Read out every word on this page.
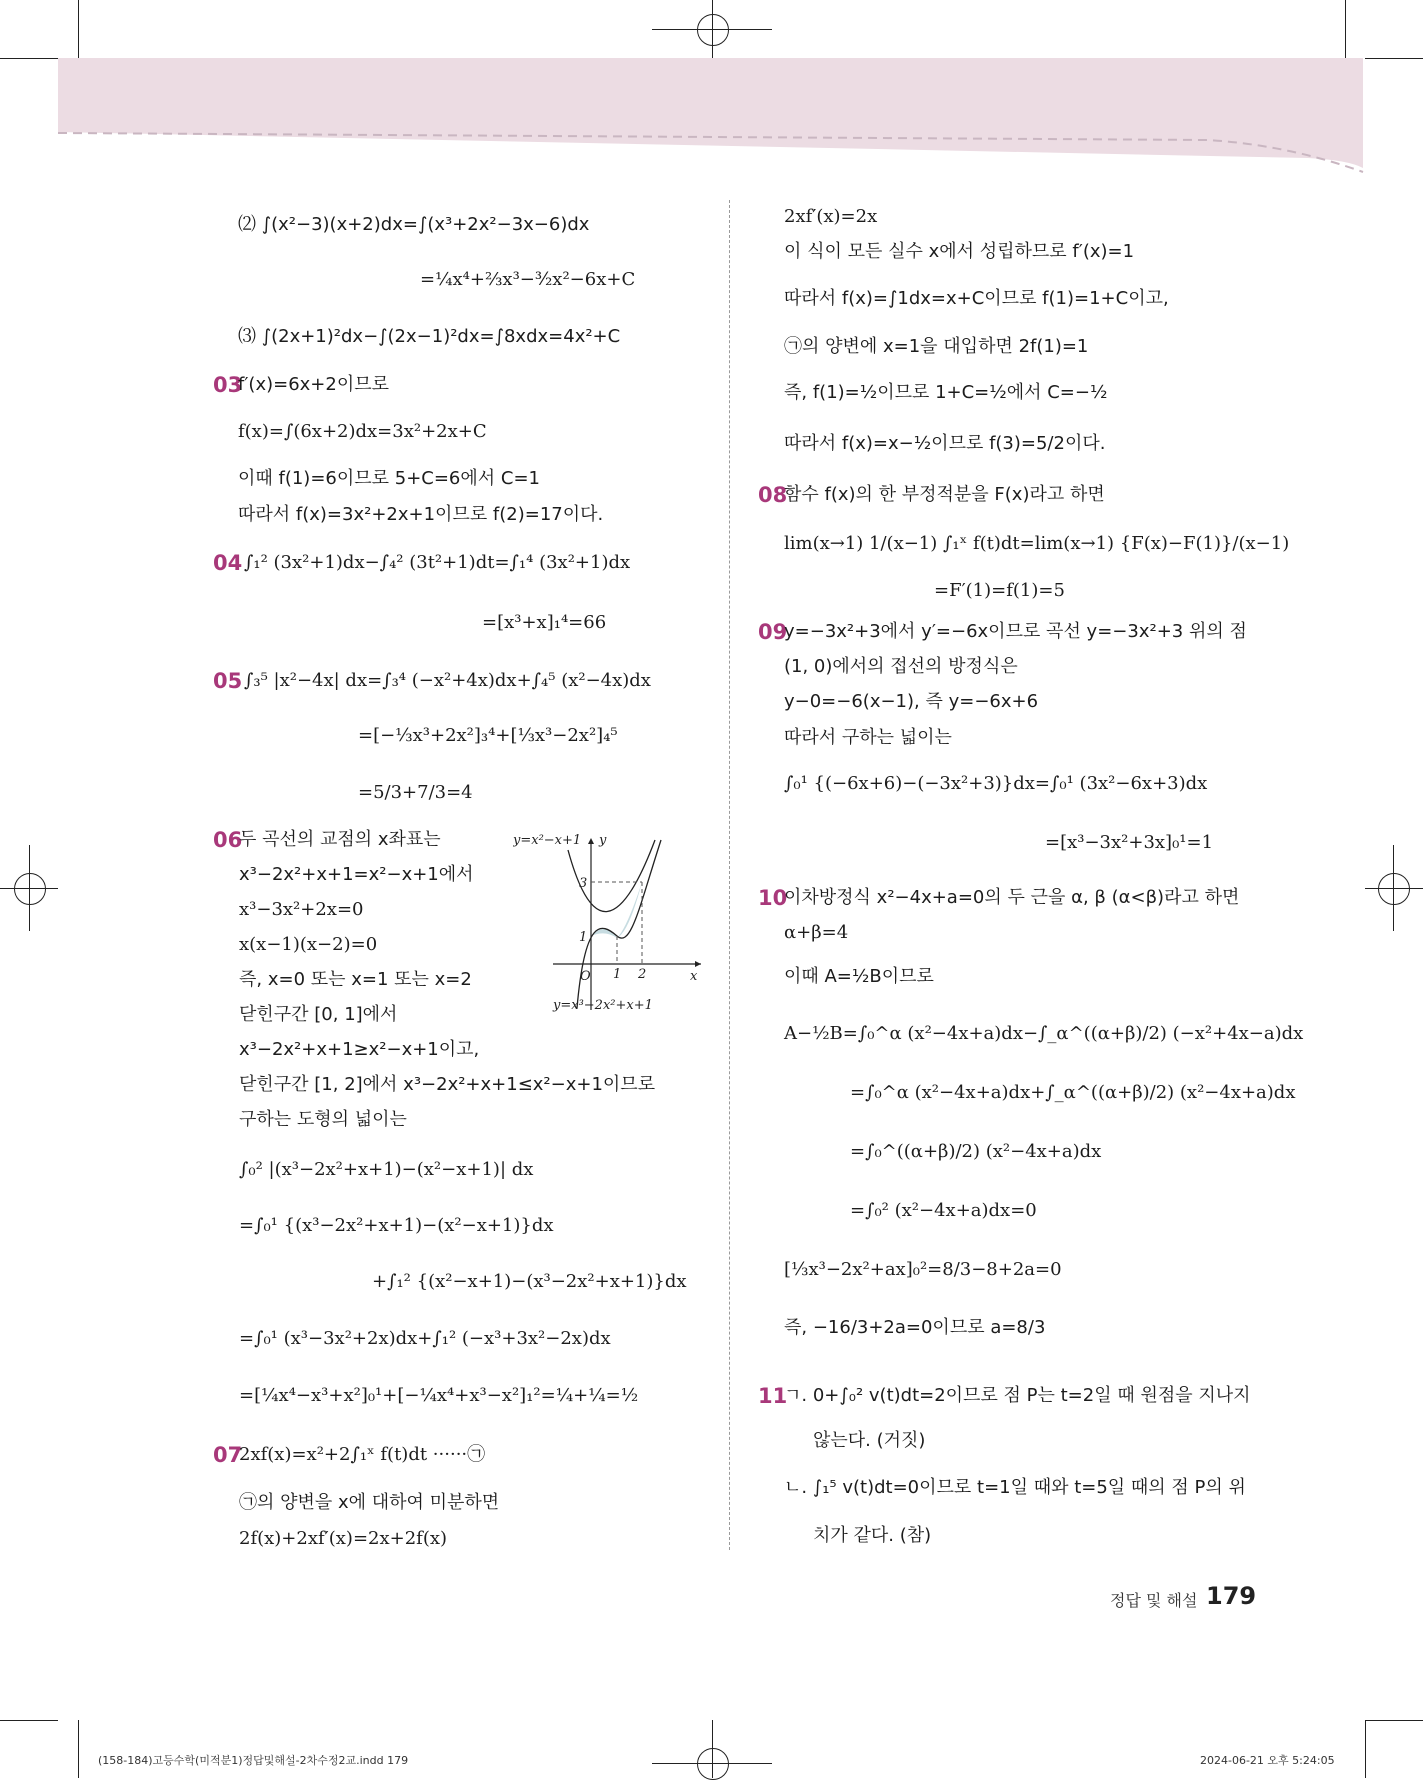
⑵ ∫(x²−3)(x+2)dx=∫(x³+2x²−3x−6)dx
=¼x⁴+⅔x³−³⁄₂x²−6x+C
⑶ ∫(2x+1)²dx−∫(2x−1)²dx=∫8xdx=4x²+C
03
f′(x)=6x+2이므로
f(x)=∫(6x+2)dx=3x²+2x+C
이때 f(1)=6이므로 5+C=6에서 C=1
따라서 f(x)=3x²+2x+1이므로 f(2)=17이다.
04 ∫₁² (3x²+1)dx−∫₄² (3t²+1)dt=∫₁⁴ (3x²+1)dx
=[x³+x]₁⁴=66
05 ∫₃⁵ |x²−4x| dx=∫₃⁴ (−x²+4x)dx+∫₄⁵ (x²−4x)dx
=[−⅓x³+2x²]₃⁴+[⅓x³−2x²]₄⁵
=5/3+7/3=4
06
두 곡선의 교점의 x좌표는
x³−2x²+x+1=x²−x+1에서
x³−3x²+2x=0
x(x−1)(x−2)=0
즉, x=0 또는 x=1 또는 x=2
닫힌구간 [0, 1]에서
x³−2x²+x+1≥x²−x+1이고,
닫힌구간 [1, 2]에서 x³−2x²+x+1≤x²−x+1이므로
구하는 도형의 넓이는
∫₀² |(x³−2x²+x+1)−(x²−x+1)| dx
=∫₀¹ {(x³−2x²+x+1)−(x²−x+1)}dx
+∫₁² {(x²−x+1)−(x³−2x²+x+1)}dx
=∫₀¹ (x³−3x²+2x)dx+∫₁² (−x³+3x²−2x)dx
=[¼x⁴−x³+x²]₀¹+[−¼x⁴+x³−x²]₁²=¼+¼=½
07
2xf(x)=x²+2∫₁ˣ f(t)dt ······㉠
㉠의 양변을 x에 대하여 미분하면
2f(x)+2xf′(x)=2x+2f(x)
y=x²−x+1 y
x
O 1 2
1
3
y=x³−2x²+x+1
2xf′(x)=2x
이 식이 모든 실수 x에서 성립하므로 f′(x)=1
따라서 f(x)=∫1dx=x+C이므로 f(1)=1+C이고,
㉠의 양변에 x=1을 대입하면 2f(1)=1
즉, f(1)=½이므로 1+C=½에서 C=−½
따라서 f(x)=x−½이므로 f(3)=5/2이다.
08
함수 f(x)의 한 부정적분을 F(x)라고 하면
lim(x→1) 1/(x−1) ∫₁ˣ f(t)dt=lim(x→1) {F(x)−F(1)}/(x−1)
=F′(1)=f(1)=5
09
y=−3x²+3에서 y′=−6x이므로 곡선 y=−3x²+3 위의 점
(1, 0)에서의 접선의 방정식은
y−0=−6(x−1), 즉 y=−6x+6
따라서 구하는 넓이는
∫₀¹ {(−6x+6)−(−3x²+3)}dx=∫₀¹ (3x²−6x+3)dx
=[x³−3x²+3x]₀¹=1
10
이차방정식 x²−4x+a=0의 두 근을 α, β (α<β)라고 하면
α+β=4
이때 A=½B이므로
A−½B=∫₀^α (x²−4x+a)dx−∫_α^((α+β)/2) (−x²+4x−a)dx
=∫₀^α (x²−4x+a)dx+∫_α^((α+β)/2) (x²−4x+a)dx
=∫₀^((α+β)/2) (x²−4x+a)dx
=∫₀² (x²−4x+a)dx=0
[⅓x³−2x²+ax]₀²=8/3−8+2a=0
즉, −16/3+2a=0이므로 a=8/3
11
ㄱ. 0+∫₀² v(t)dt=2이므로 점 P는 t=2일 때 원점을 지나지
않는다. (거짓)
ㄴ. ∫₁⁵ v(t)dt=0이므로 t=1일 때와 t=5일 때의 점 P의 위
치가 같다. (참)
정답 및 해설 179
(158-184)고등수학(미적분1)정답및해설-2차수정2교.indd 179	2024-06-21 오후 5:24:05
